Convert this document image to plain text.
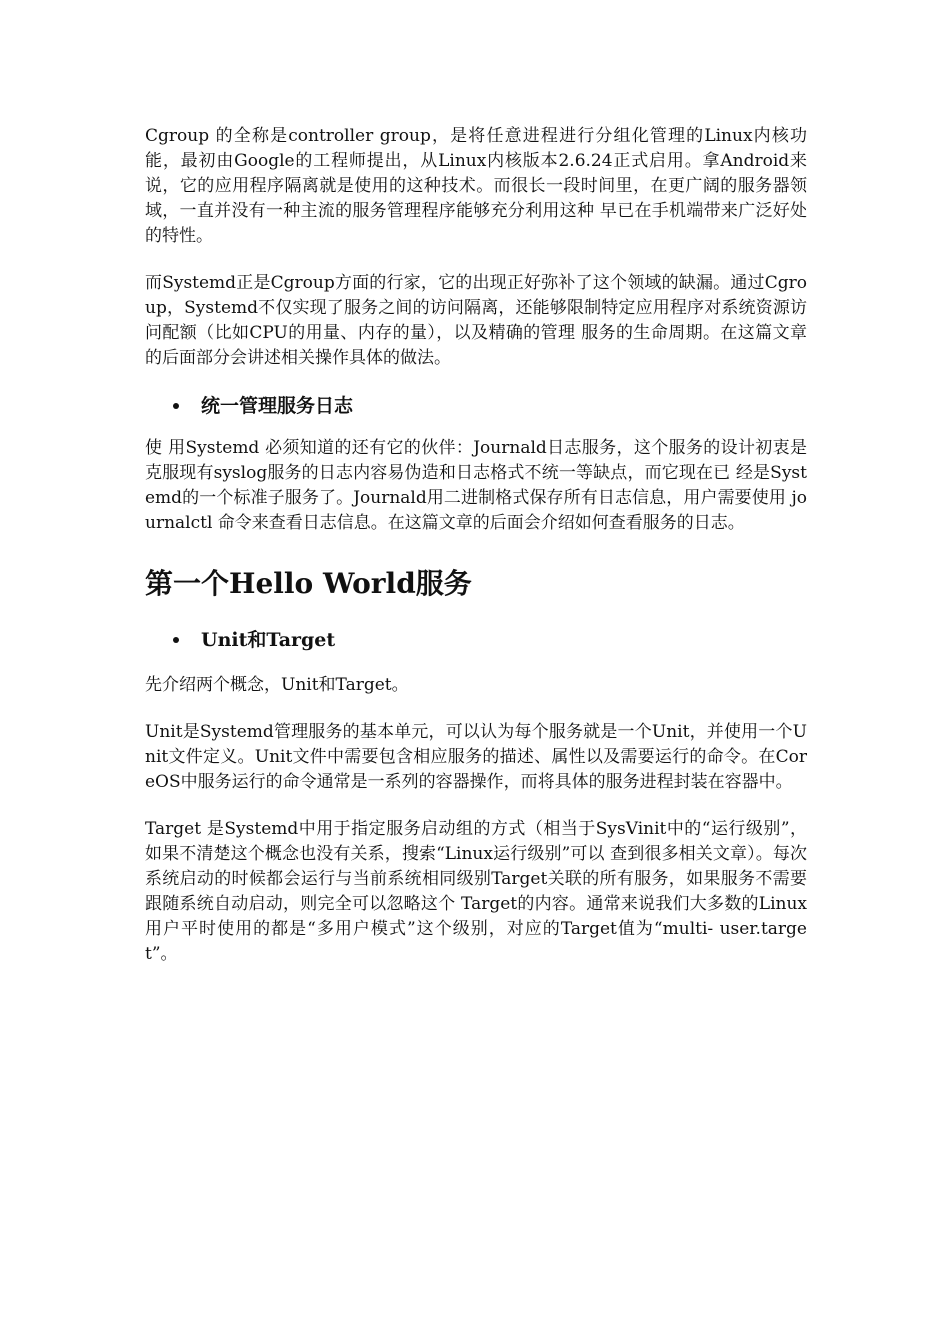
Cgroup 的全称是controller group，是将任意进程进行分组化管理的Linux内核功能，最初由Google的工程师提出，从Linux内核版本2.6.24正式启用。拿Android来说，它的应用程序隔离就是使用的这种技术。而很长一段时间里，在更广阔的服务器领域，一直并没有一种主流的服务管理程序能够充分利用这种 早已在手机端带来广泛好处的特性。

而Systemd正是Cgroup方面的行家，它的出现正好弥补了这个领域的缺漏。通过Cgroup，Systemd不仅实现了服务之间的访问隔离，还能够限制特定应用程序对系统资源访问配额（比如CPU的用量、内存的量），以及精确的管理 服务的生命周期。在这篇文章的后面部分会讲述相关操作具体的做法。

统一管理服务日志

使 用Systemd 必须知道的还有它的伙伴：Journald日志服务，这个服务的设计初衷是克服现有syslog服务的日志内容易伪造和日志格式不统一等缺点，而它现在已 经是Systemd的一个标准子服务了。Journald用二进制格式保存所有日志信息，用户需要使用 journalctl 命令来查看日志信息。在这篇文章的后面会介绍如何查看服务的日志。

第一个Hello World服务
Unit和Target

先介绍两个概念，Unit和Target。

Unit是Systemd管理服务的基本单元，可以认为每个服务就是一个Unit，并使用一个Unit文件定义。Unit文件中需要包含相应服务的描述、属性以及需要运行的命令。在CoreOS中服务运行的命令通常是一系列的容器操作，而将具体的服务进程封装在容器中。

Target 是Systemd中用于指定服务启动组的方式（相当于SysVinit中的“运行级别”，如果不清楚这个概念也没有关系，搜索“Linux运行级别”可以 查到很多相关文章）。每次系统启动的时候都会运行与当前系统相同级别Target关联的所有服务，如果服务不需要跟随系统自动启动，则完全可以忽略这个 Target的内容。通常来说我们大多数的Linux用户平时使用的都是“多用户模式”这个级别，对应的Target值为“multi- user.target”。
